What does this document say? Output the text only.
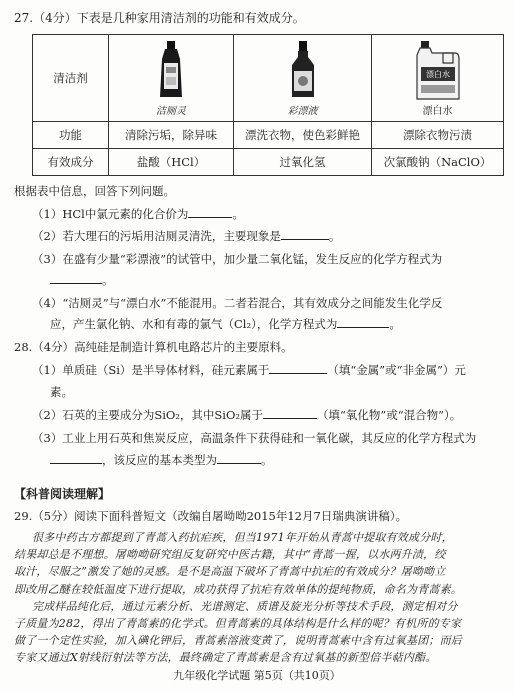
27.（4分）下表是几种家用清洁剂的功能和有效成分。
清洁剂	洁厕灵	彩漂液	漂白水
漂白水

功能	清除污垢，除异味	漂洗衣物，使色彩鲜艳	漂除衣物污渍
有效成分	盐酸（HCl）	过氧化氢	次氯酸钠（NaClO）
根据表中信息，回答下列问题。
（1）HCl中氯元素的化合价为	。
（2）若大理石的污垢用洁厕灵清洗，主要现象是	。
（3）在盛有少量“彩漂液”的试管中，加少量二氧化锰，发生反应的化学方程式为
。
（4）“洁厕灵”与“漂白水”不能混用。二者若混合，其有效成分之间能发生化学反
应，产生氯化钠、水和有毒的氯气（Cl₂），化学方程式为	。
28.（4分）高纯硅是制造计算机电路芯片的主要原料。
（1）单质硅（Si）是半导体材料，硅元素属于	（填“金属”或“非金属”）元
素。
（2）石英的主要成分为SiO₂，其中SiO₂属于	（填“氧化物”或“混合物”）。
（3）工业上用石英和焦炭反应，高温条件下获得硅和一氧化碳，其反应的化学方程式为
，该反应的基本类型为	。
【科普阅读理解】
29.（5分）阅读下面科普短文（改编自屠呦呦2015年12月7日瑞典演讲稿）。
很多中药古方都提到了青蒿入药抗疟疾，但当1971年开始从青蒿中提取有效成分时，
结果却总是不理想。屠呦呦研究组反复研究中医古籍，其中“青蒿一握，以水两升渍，绞
取汁，尽服之”激发了她的灵感。是不是高温下破坏了青蒿中抗疟的有效成分？屠呦呦立
即改用乙醚在较低温度下进行提取，成功获得了抗疟有效单体的提纯物质，命名为青蒿素。
完成样品纯化后，通过元素分析、光谱测定、质谱及旋光分析等技术手段，测定相对分
子质量为282，得出了青蒿素的化学式。但青蒿素的具体结构是什么样的呢？有机所的专家
做了一个定性实验，加入碘化钾后，青蒿素溶液变黄了，说明青蒿素中含有过氧基团；而后
九年级化学试题 第5页（共10页）
专家又通过X射线衍射法等方法，最终确定了青蒿素是含有过氧基的新型倍半萜内酯。
